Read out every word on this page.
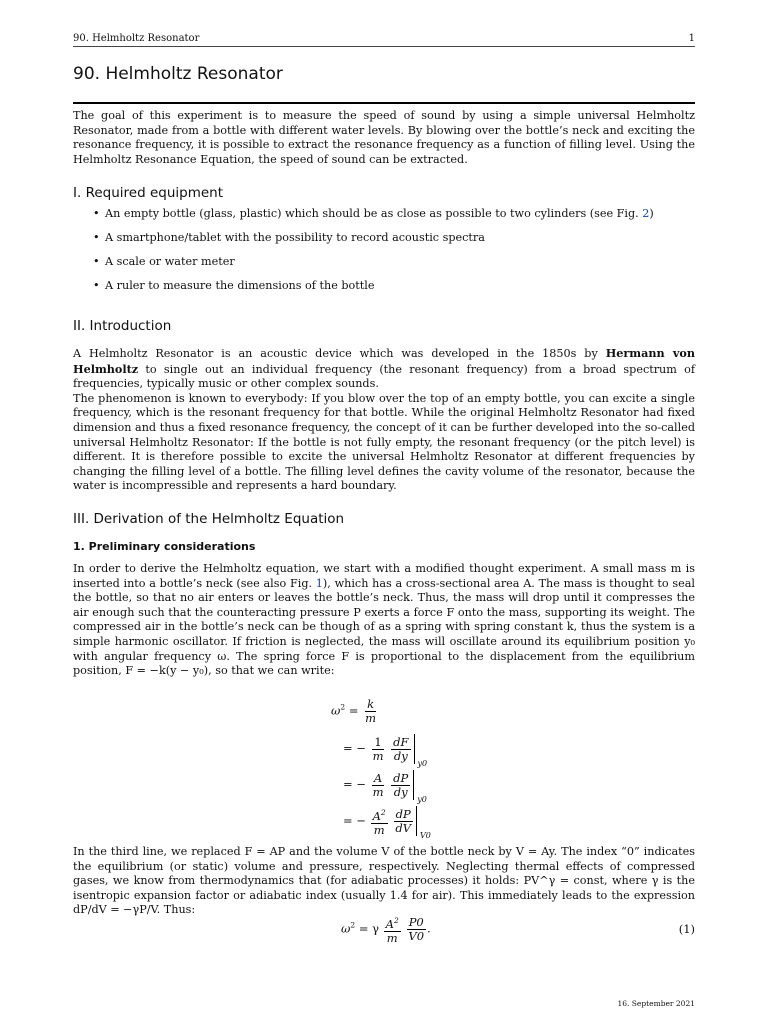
90. Helmholtz Resonator	1
90. Helmholtz Resonator

The goal of this experiment is to measure the speed of sound by using a simple universal Helmholtz Resonator, made from a bottle with different water levels. By blowing over the bottle’s neck and exciting the resonance frequency, it is possible to extract the resonance frequency as a function of filling level. Using the Helmholtz Resonance Equation, the speed of sound can be extracted.

I. Required equipment
• An empty bottle (glass, plastic) which should be as close as possible to two cylinders (see Fig. 2)
• A smartphone/tablet with the possibility to record acoustic spectra
• A scale or water meter
• A ruler to measure the dimensions of the bottle
II. Introduction

A Helmholtz Resonator is an acoustic device which was developed in the 1850s by Hermann von Helmholtz to single out an individual frequency (the resonant frequency) from a broad spectrum of frequencies, typically music or other complex sounds.

The phenomenon is known to everybody: If you blow over the top of an empty bottle, you can excite a single frequency, which is the resonant frequency for that bottle. While the original Helmholtz Resonator had fixed dimension and thus a fixed resonance frequency, the concept of it can be further developed into the so-called universal Helmholtz Resonator: If the bottle is not fully empty, the resonant frequency (or the pitch level) is different. It is therefore possible to excite the universal Helmholtz Resonator at different frequencies by changing the filling level of a bottle. The filling level defines the cavity volume of the resonator, because the water is incompressible and represents a hard boundary.

III. Derivation of the Helmholtz Equation
1. Preliminary considerations

In order to derive the Helmholtz equation, we start with a modified thought experiment. A small mass m is inserted into a bottle’s neck (see also Fig. 1), which has a cross-sectional area A. The mass is thought to seal the bottle, so that no air enters or leaves the bottle’s neck. Thus, the mass will drop until it compresses the air enough such that the counteracting pressure P exerts a force F onto the mass, supporting its weight. The compressed air in the bottle’s neck can be though of as a spring with spring constant k, thus the system is a simple harmonic oscillator. If friction is neglected, the mass will oscillate around its equilibrium position y₀ with angular frequency ω. The spring force F is proportional to the displacement from the equilibrium position, F = −k(y − y₀), so that we can write:

$\omega^2 = \frac{k}{m}$
= − $\frac{1}{m}$
$\frac{dF}{dy}$
y0
= − $\frac{A}{m}$
$\frac{dP}{dy}$
y0
= − $\frac{A^2}{m}$
$\frac{dP}{dV}$
V0

In the third line, we replaced F = AP and the volume V of the bottle neck by V = Ay. The index “0” indicates the equilibrium (or static) volume and pressure, respectively. Neglecting thermal effects of compressed gases, we know from thermodynamics that (for adiabatic processes) it holds: PV^γ = const, where γ is the isentropic expansion factor or adiabatic index (usually 1.4 for air). This immediately leads to the expression dP/dV = −γP/V. Thus:

$\omega^2 = \gamma \frac{A^2}{m}$
$\frac{P0}{V0}$ .	(1)
16. September 2021
